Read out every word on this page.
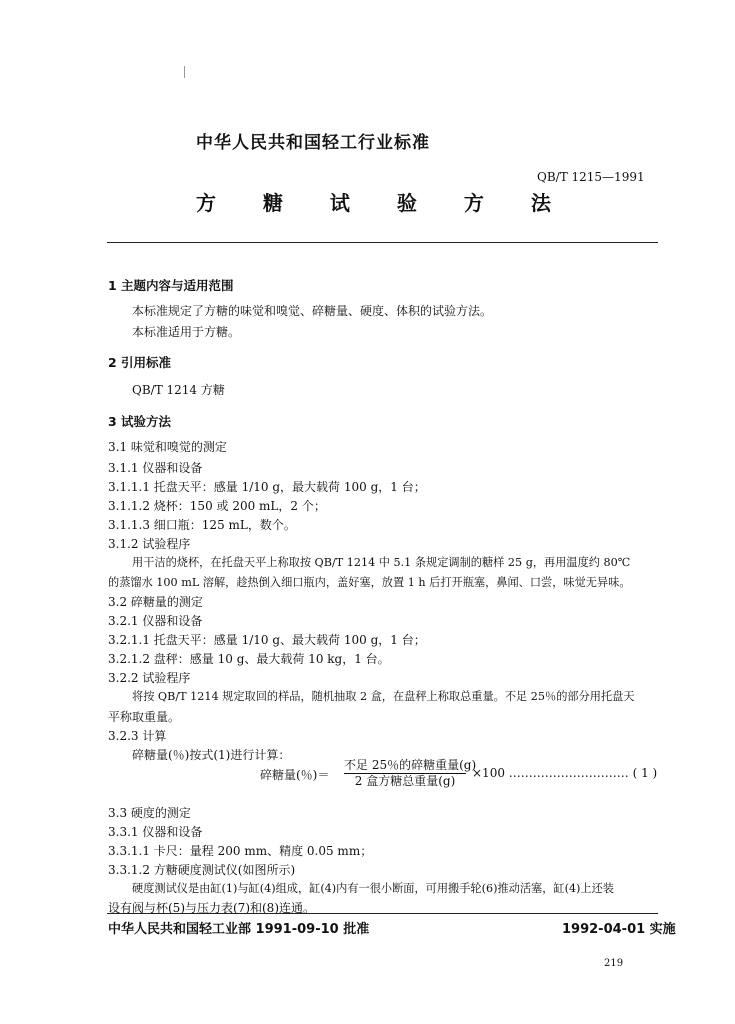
中华人民共和国轻工行业标准
QB/T 1215—1991
方 糖 试 验 方 法
1 主题内容与适用范围
本标准规定了方糖的味觉和嗅觉、碎糖量、硬度、体积的试验方法。
本标准适用于方糖。
2 引用标准
QB/T 1214 方糖
3 试验方法
3.1 味觉和嗅觉的测定
3.1.1 仪器和设备
3.1.1.1 托盘天平：感量 1/10 g，最大载荷 100 g，1 台；
3.1.1.2 烧杯：150 或 200 mL，2 个；
3.1.1.3 细口瓶：125 mL，数个。
3.1.2 试验程序
用干洁的烧杯，在托盘天平上称取按 QB/T 1214 中 5.1 条规定调制的糖样 25 g，再用温度约 80℃
的蒸馏水 100 mL 溶解，趁热倒入细口瓶内，盖好塞，放置 1 h 后打开瓶塞，鼻闻、口尝，味觉无异味。
3.2 碎糖量的测定
3.2.1 仪器和设备
3.2.1.1 托盘天平：感量 1/10 g、最大载荷 100 g，1 台；
3.2.1.2 盘秤：感量 10 g、最大载荷 10 kg，1 台。
3.2.2 试验程序
将按 QB/T 1214 规定取回的样品，随机抽取 2 盒，在盘秤上称取总重量。不足 25％的部分用托盘天
平称取重量。
3.2.3 计算
碎糖量(％)按式(1)进行计算：
碎糖量(％)＝
不足 25％的碎糖重量(g)
2 盒方糖总重量(g)
×100 ………………………… ( 1 )
3.3 硬度的测定
3.3.1 仪器和设备
3.3.1.1 卡尺：量程 200 mm、精度 0.05 mm；
3.3.1.2 方糖硬度测试仪(如图所示)
硬度测试仪是由缸(1)与缸(4)组成，缸(4)内有一很小断面，可用搬手轮(6)推动活塞，缸(4)上还装
设有阀与杯(5)与压力表(7)和(8)连通。
中华人民共和国轻工业部 1991-09-10 批准	1992-04-01 实施
219
